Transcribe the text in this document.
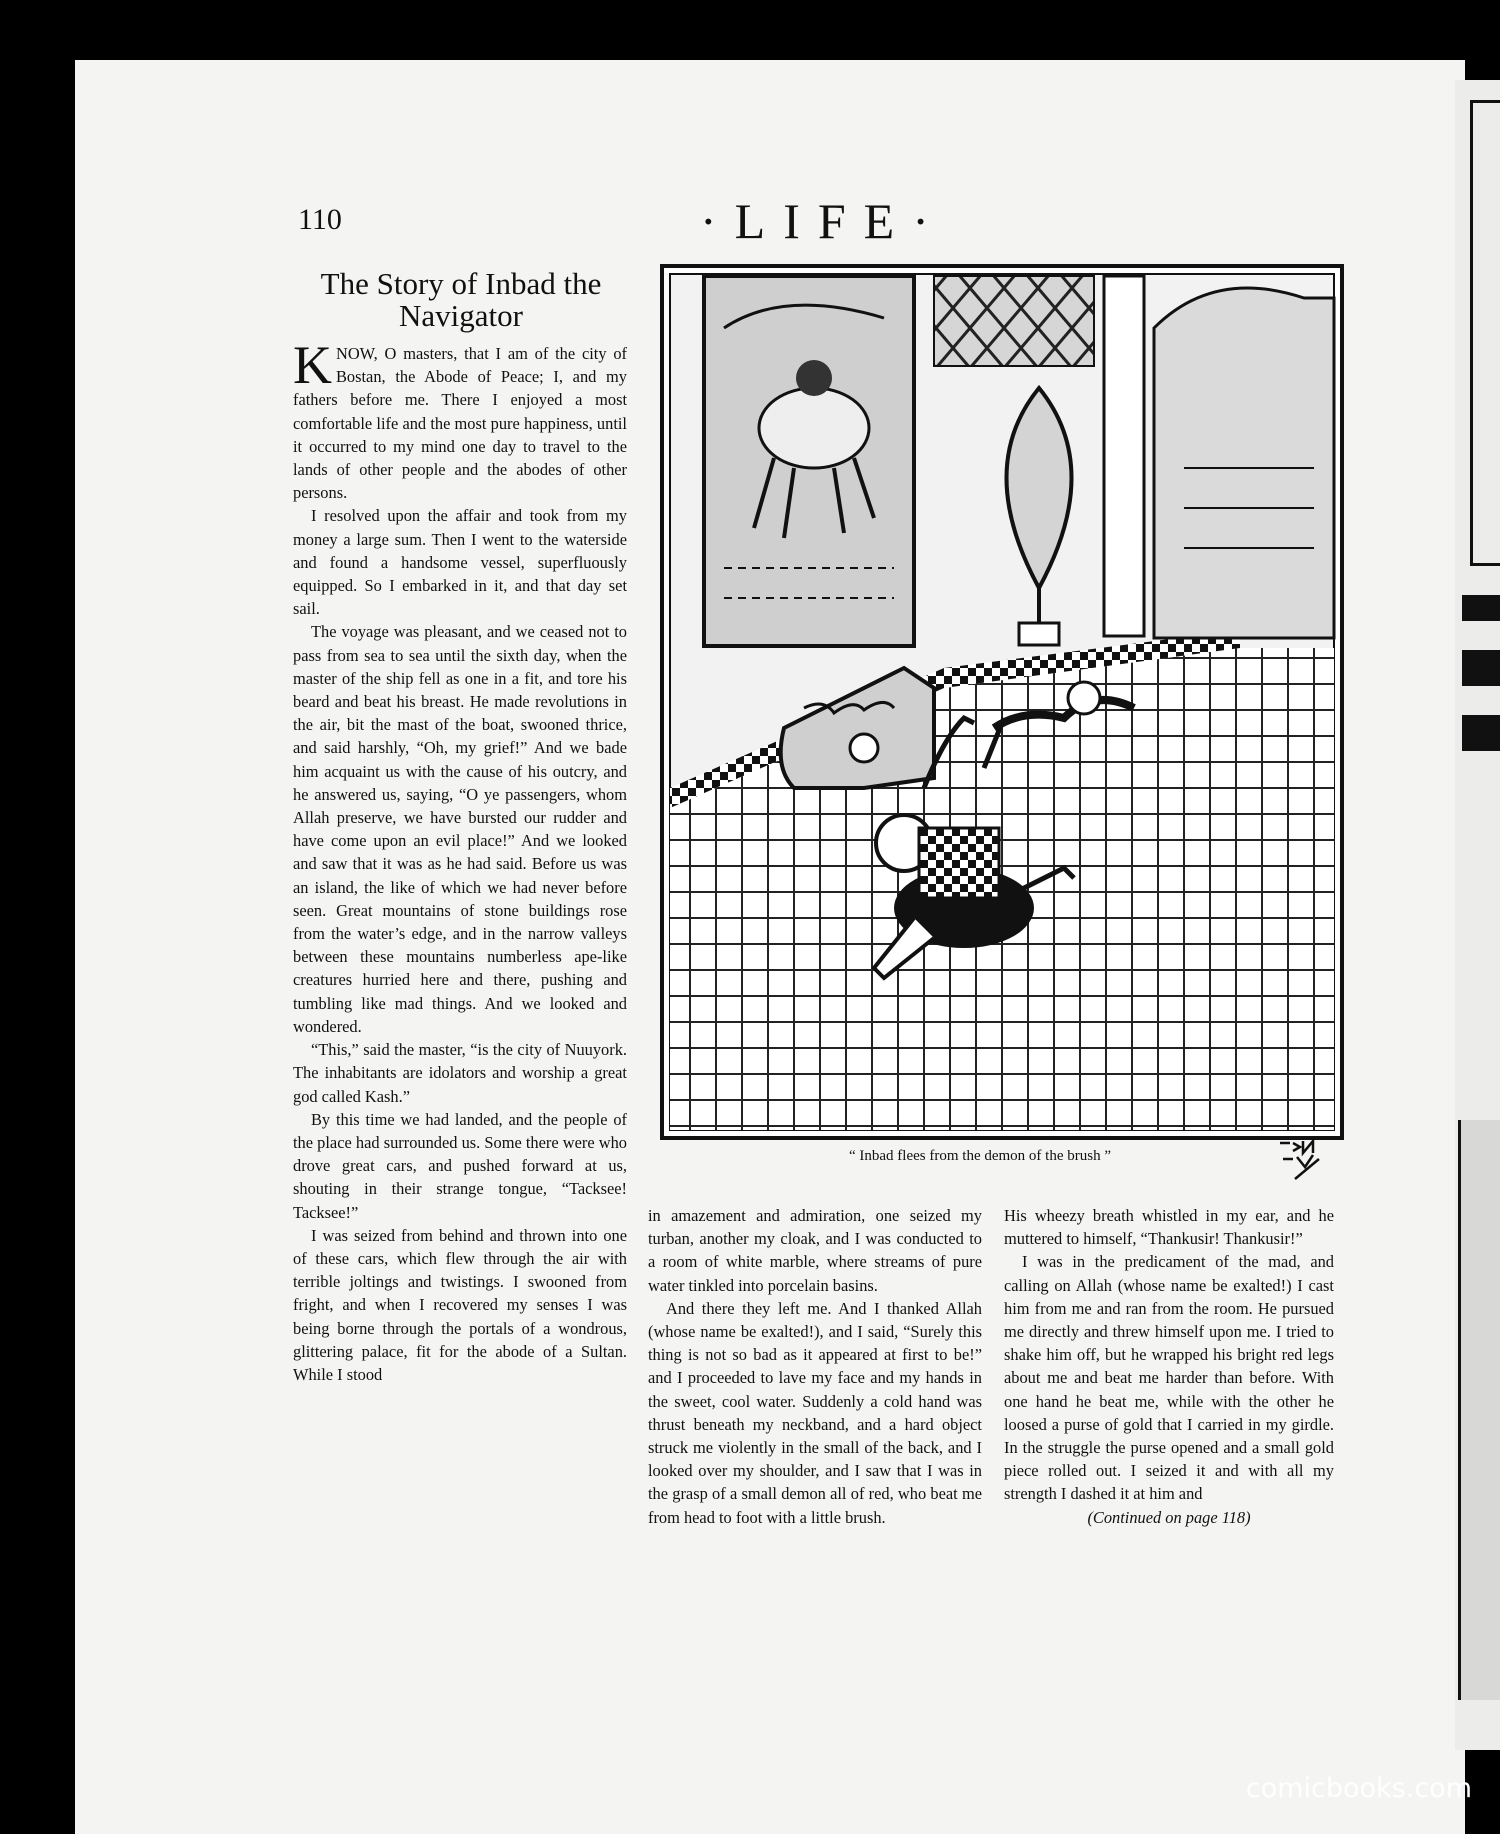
110	·LIFE·
The Story of Inbad the Navigator

KNOW, O masters, that I am of the city of Bostan, the Abode of Peace; I, and my fathers before me. There I enjoyed a most comfortable life and the most pure happiness, until it occurred to my mind one day to travel to the lands of other people and the abodes of other persons.

I resolved upon the affair and took from my money a large sum. Then I went to the waterside and found a handsome vessel, superfluously equipped. So I embarked in it, and that day set sail.

The voyage was pleasant, and we ceased not to pass from sea to sea until the sixth day, when the master of the ship fell as one in a fit, and tore his beard and beat his breast. He made revolutions in the air, bit the mast of the boat, swooned thrice, and said harshly, “Oh, my grief!” And we bade him acquaint us with the cause of his outcry, and he answered us, saying, “O ye passengers, whom Allah preserve, we have bursted our rudder and have come upon an evil place!” And we looked and saw that it was as he had said. Before us was an island, the like of which we had never before seen. Great mountains of stone buildings rose from the water’s edge, and in the narrow valleys between these mountains numberless ape-like creatures hurried here and there, pushing and tumbling like mad things. And we looked and wondered.

“This,” said the master, “is the city of Nuuyork. The inhabitants are idolators and worship a great god called Kash.”

By this time we had landed, and the people of the place had surrounded us. Some there were who drove great cars, and pushed forward at us, shouting in their strange tongue, “Tacksee! Tacksee!”

I was seized from behind and thrown into one of these cars, which flew through the air with terrible joltings and twistings. I swooned from fright, and when I recovered my senses I was being borne through the portals of a wondrous, glittering palace, fit for the abode of a Sultan. While I stood

in amazement and admiration, one seized my turban, another my cloak, and I was conducted to a room of white marble, where streams of pure water tinkled into porcelain basins.

And there they left me. And I thanked Allah (whose name be exalted!), and I said, “Surely this thing is not so bad as it appeared at first to be!” and I proceeded to lave my face and my hands in the sweet, cool water. Suddenly a cold hand was thrust beneath my neckband, and a hard object struck me violently in the small of the back, and I looked over my shoulder, and I saw that I was in the grasp of a small demon all of red, who beat me from head to foot with a little brush.

His wheezy breath whistled in my ear, and he muttered to himself, “Thankusir! Thankusir!”

I was in the predicament of the mad, and calling on Allah (whose name be exalted!) I cast him from me and ran from the room. He pursued me directly and threw himself upon me. I tried to shake him off, but he wrapped his bright red legs about me and beat me harder than before. With one hand he beat me, while with the other he loosed a purse of gold that I carried in my girdle. In the struggle the purse opened and a small gold piece rolled out. I seized it and with all my strength I dashed it at him and

(Continued on page 118)

“ Inbad flees from the demon of the brush ”
comicbooks.com
